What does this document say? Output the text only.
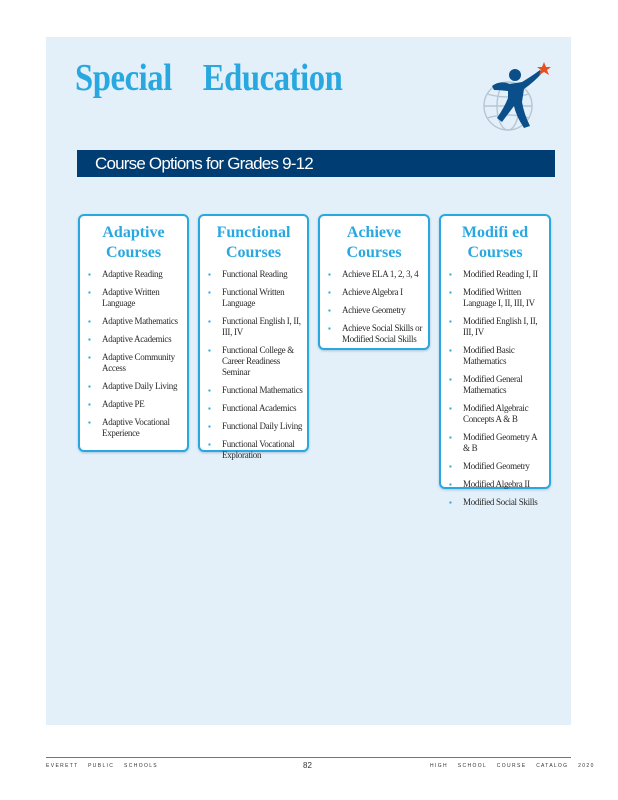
Special    Education
Course Options for Grades 9-12
Adaptive Courses
▪ Adaptive Reading
▪ Adaptive Written Language
▪ Adaptive Mathematics
▪ Adaptive Academics
▪ Adaptive Community Access
▪ Adaptive Daily Living
▪ Adaptive PE
▪ Adaptive Vocational Experience
Functional Courses
▪ Functional Reading
▪ Functional Written Language
▪ Functional English I, II, III, IV
▪ Functional College & Career Readiness Seminar
▪ Functional Mathematics
▪ Functional Academics
▪ Functional Daily Living
▪ Functional Vocational Exploration
Achieve Courses
▪ Achieve ELA 1, 2, 3, 4
▪ Achieve Algebra I
▪ Achieve Geometry
▪ Achieve Social Skills or Modified Social Skills
Modifi ed Courses
▪ Modified Reading I, II
▪ Modified Written Language I, II, III, IV
▪ Modified English I, II, III, IV
▪ Modified Basic Mathematics
▪ Modified General Mathematics
▪ Modified Algebraic Concepts A & B
▪ Modified Geometry A & B
▪ Modified Geometry
▪ Modified Algebra II
▪ Modified Social Skills
E V E R E T T        P U B L I C        S C H O O L S	82	H I G H        S C H O O L        C O U R S E        C A T A L O G        2 0 2 0
